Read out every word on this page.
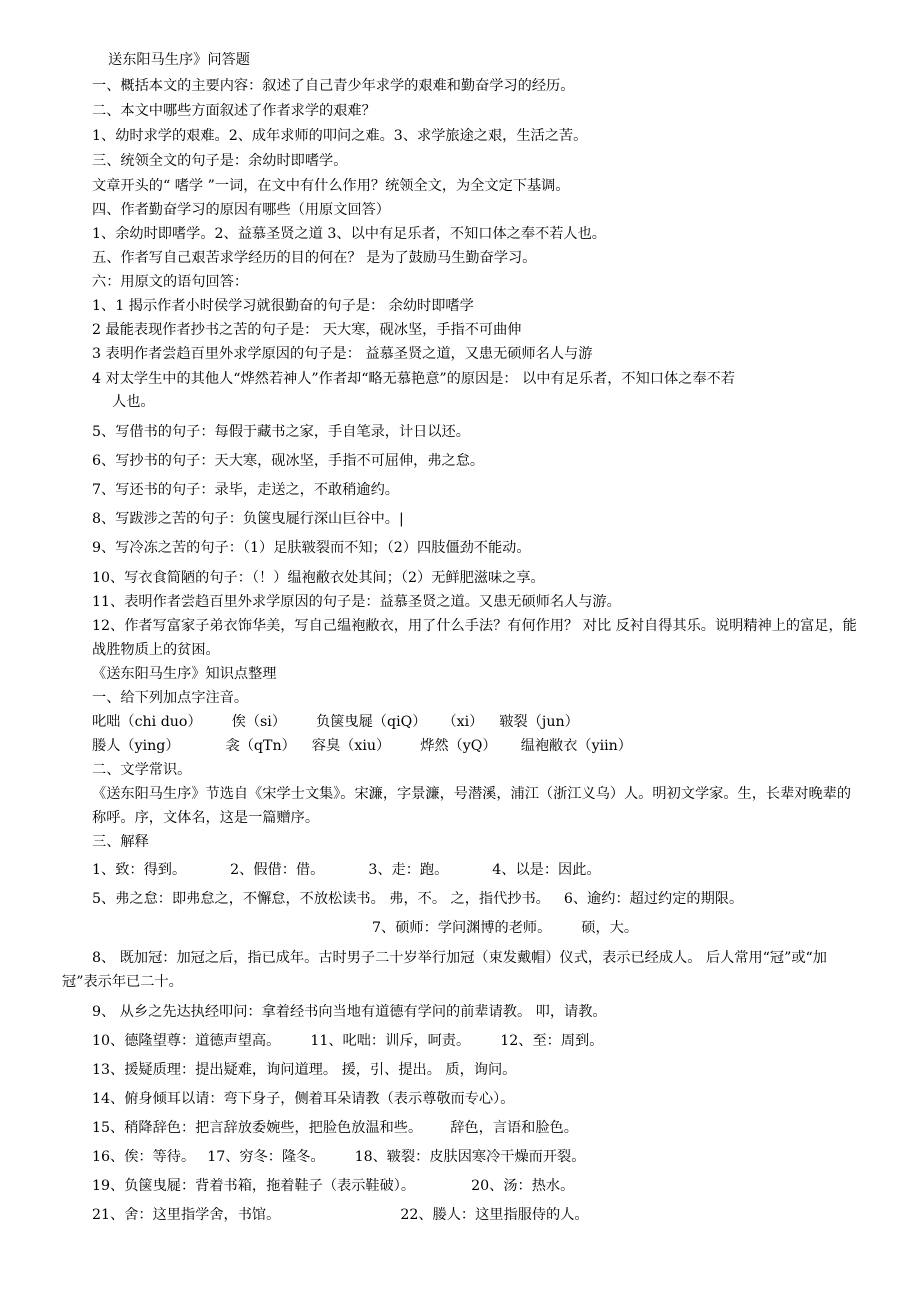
送东阳马生序》问答题
一、概括本文的主要内容：叙述了自己青少年求学的艰难和勤奋学习的经历。
二、本文中哪些方面叙述了作者求学的艰难？
1、幼时求学的艰难。2、成年求师的叩问之难。3、求学旅途之艰，生活之苦。
三、统领全文的句子是：余幼时即嗜学。
文章开头的“ 嗜学 ”一词，在文中有什么作用？统领全文，为全文定下基调。
四、作者勤奋学习的原因有哪些（用原文回答）
1、余幼时即嗜学。2、益慕圣贤之道 3、以中有足乐者，不知口体之奉不若人也。
五、作者写自己艰苦求学经历的目的何在？ 是为了鼓励马生勤奋学习。
六：用原文的语句回答：
1、1 揭示作者小时侯学习就很勤奋的句子是： 余幼时即嗜学
2 最能表现作者抄书之苦的句子是： 天大寒，砚冰坚，手指不可曲伸
3 表明作者尝趋百里外求学原因的句子是： 益慕圣贤之道，又患无硕师名人与游
4 对太学生中的其他人“烨然若神人”作者却“略无慕艳意”的原因是： 以中有足乐者，不知口体之奉不若
人也。
5、写借书的句子：每假于藏书之家，手自笔录，计日以还。
6、写抄书的句子：天大寒，砚冰坚，手指不可屈伸，弗之怠。
7、写还书的句子：录毕，走送之，不敢稍逾约。
8、写跋涉之苦的句子：负箧曳屣行深山巨谷中。|
9、写冷冻之苦的句子：（1）足肤皲裂而不知；（2）四肢僵劲不能动。
10、写衣食简陋的句子：（！）缊袍敝衣处其间；（2）无鲜肥滋味之享。
11、表明作者尝趋百里外求学原因的句子是：益慕圣贤之道。又患无硕师名人与游。
12、作者写富家子弟衣饰华美，写自己缊袍敝衣，用了什么手法？有何作用？ 对比 反衬自得其乐。说明精神上的富足，能战胜物质上的贫困。
《送东阳马生序》知识点整理
一、给下列加点字注音。
叱咄（chi duo） 俟（si） 负箧曳屣（qiQ） （xi） 皲裂（jun）
媵人（ying）	衾（qTn） 容臭（xiu） 烨然（yQ） 缊袍敝衣（yiin）
二、文学常识。
《送东阳马生序》节选自《宋学士文集》。宋濂，字景濂，号潜溪，浦江（浙江义乌）人。明初文学家。生，长辈对晚辈的称呼。序，文体名，这是一篇赠序。
三、解释
1、致：得到。	2、假借：借。	3、走：跑。	4、以是：因此。
5、弗之怠：即弗怠之，不懈怠，不放松读书。 弗，不。 之，指代抄书。 6、逾约：超过约定的期限。
7、硕师：学问渊博的老师。 硕，大。
8、 既加冠：加冠之后，指已成年。古时男子二十岁举行加冠（束发戴帽）仪式，表示已经成人。 后人常用“冠”或“加冠”表示年已二十。
9、 从乡之先达执经叩问：拿着经书向当地有道德有学问的前辈请教。 叩，请教。
10、德隆望尊：道德声望高。 11、叱咄：训斥，呵责。 12、至：周到。
13、援疑质理：提出疑难，询问道理。 援，引、提出。 质，询问。
14、俯身倾耳以请：弯下身子，侧着耳朵请教（表示尊敬而专心）。
15、稍降辞色：把言辞放委婉些，把脸色放温和些。 辞色，言语和脸色。
16、俟：等待。 17、穷冬：隆冬。 18、皲裂：皮肤因寒冷干燥而开裂。
19、负箧曳屣：背着书箱，拖着鞋子（表示鞋破）。	20、汤：热水。
21、舍：这里指学舍，书馆。	22、媵人：这里指服侍的人。
